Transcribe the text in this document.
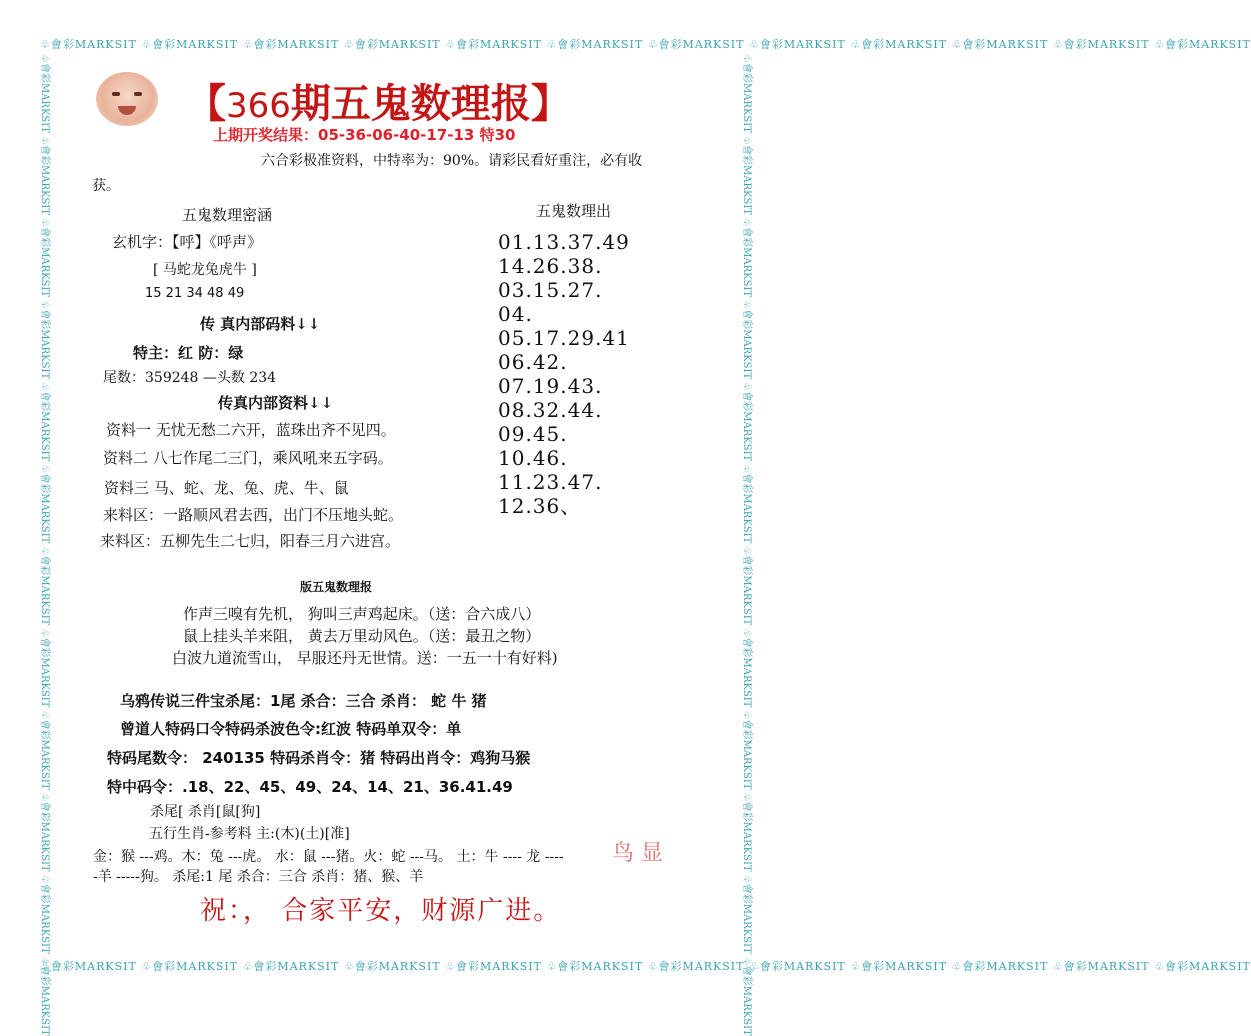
♧會彩MARKSIT ♧會彩MARKSIT ♧會彩MARKSIT ♧會彩MARKSIT ♧會彩MARKSIT ♧會彩MARKSIT ♧會彩MARKSIT ♧會彩MARKSIT ♧會彩MARKSIT ♧會彩MARKSIT ♧會彩MARKSIT ♧會彩MARKSIT
♧會彩MARKSIT ♧會彩MARKSIT ♧會彩MARKSIT ♧會彩MARKSIT ♧會彩MARKSIT ♧會彩MARKSIT ♧會彩MARKSIT ♧會彩MARKSIT ♧會彩MARKSIT ♧會彩MARKSIT ♧會彩MARKSIT ♧會彩MARKSIT
♧會彩MARKSIT ♧會彩MARKSIT ♧會彩MARKSIT ♧會彩MARKSIT ♧會彩MARKSIT ♧會彩MARKSIT ♧會彩MARKSIT ♧會彩MARKSIT ♧會彩MARKSIT ♧會彩MARKSIT ♧會彩MARKSIT ♧會彩MARKSIT	♧會彩MARKSIT ♧會彩MARKSIT ♧會彩MARKSIT ♧會彩MARKSIT ♧會彩MARKSIT ♧會彩MARKSIT ♧會彩MARKSIT ♧會彩MARKSIT ♧會彩MARKSIT ♧會彩MARKSIT ♧會彩MARKSIT ♧會彩MARKSIT
【366期五鬼数理报】
上期开奖结果：05-36-06-40-17-13 特30
六合彩极准资料，中特率为：90%。请彩民看好重注，必有收
获。
五鬼数理密涵
玄机字：【呼】《呼声》
[ 马蛇龙兔虎牛 ]
15 21 34 48 49
传 真内部码料↓↓
特主：红 防：绿
尾数：359248 —头数 234
传真内部资料↓↓
资料一 无忧无愁二六开，蓝珠出齐不见四。
资料二 八七作尾二三门，乘风吼来五字码。
资料三 马、蛇、龙、兔、虎、牛、鼠
来料区：一路顺风君去西，出门不压地头蛇。
来料区：五柳先生二七归，阳春三月六进宫。
五鬼数理出
01.13.37.49
14.26.38.
03.15.27.
04.
05.17.29.41
06.42.
07.19.43.
08.32.44.
09.45.
10.46.
11.23.47.
12.36、
版五鬼数理报
作声三嗅有先机， 狗叫三声鸡起床。（送：合六成八）
鼠上挂头羊来阻， 黄去万里动风色。（送：最丑之物）
白波九道流雪山， 早服还丹无世情。送：一五一十有好料)
乌鸦传说三件宝杀尾：1尾 杀合：三合 杀肖： 蛇 牛 猪
曾道人特码口令特码杀波色令:红波 特码单双令：单
特码尾数令： 240135 特码杀肖令：猪 特码出肖令：鸡狗马猴
特中码令：.18、22、45、49、24、14、21、36.41.49
杀尾[ 杀肖[鼠[狗]
五行生肖-参考料 主:(木)(土)[准]
金：猴 ---鸡。木：兔 ---虎。 水：鼠 ---猪。火：蛇 ---马。 土：牛 ---- 龙 ----
-羊 -----狗。 杀尾:1 尾 杀合：三合 杀肖：猪、猴、羊
鸟 显
祝：， 合家平安，财源广进。
